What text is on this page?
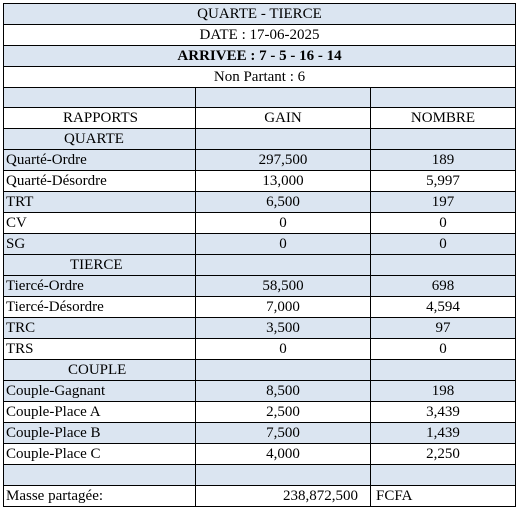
QUARTE - TIERCE
DATE : 17-06-2025
ARRIVEE : 7 - 5 - 16 - 14
Non Partant : 6
RAPPORTS	GAIN	NOMBRE
QUARTE
Quarté-Ordre	297,500	189
Quarté-Désordre	13,000	5,997
TRT	6,500	197
CV	0	0
SG	0	0
TIERCE
Tiercé-Ordre	58,500	698
Tiercé-Désordre	7,000	4,594
TRC	3,500	97
TRS	0	0
COUPLE
Couple-Gagnant	8,500	198
Couple-Place A	2,500	3,439
Couple-Place B	7,500	1,439
Couple-Place C	4,000	2,250
Masse partagée:	238,872,500	FCFA
